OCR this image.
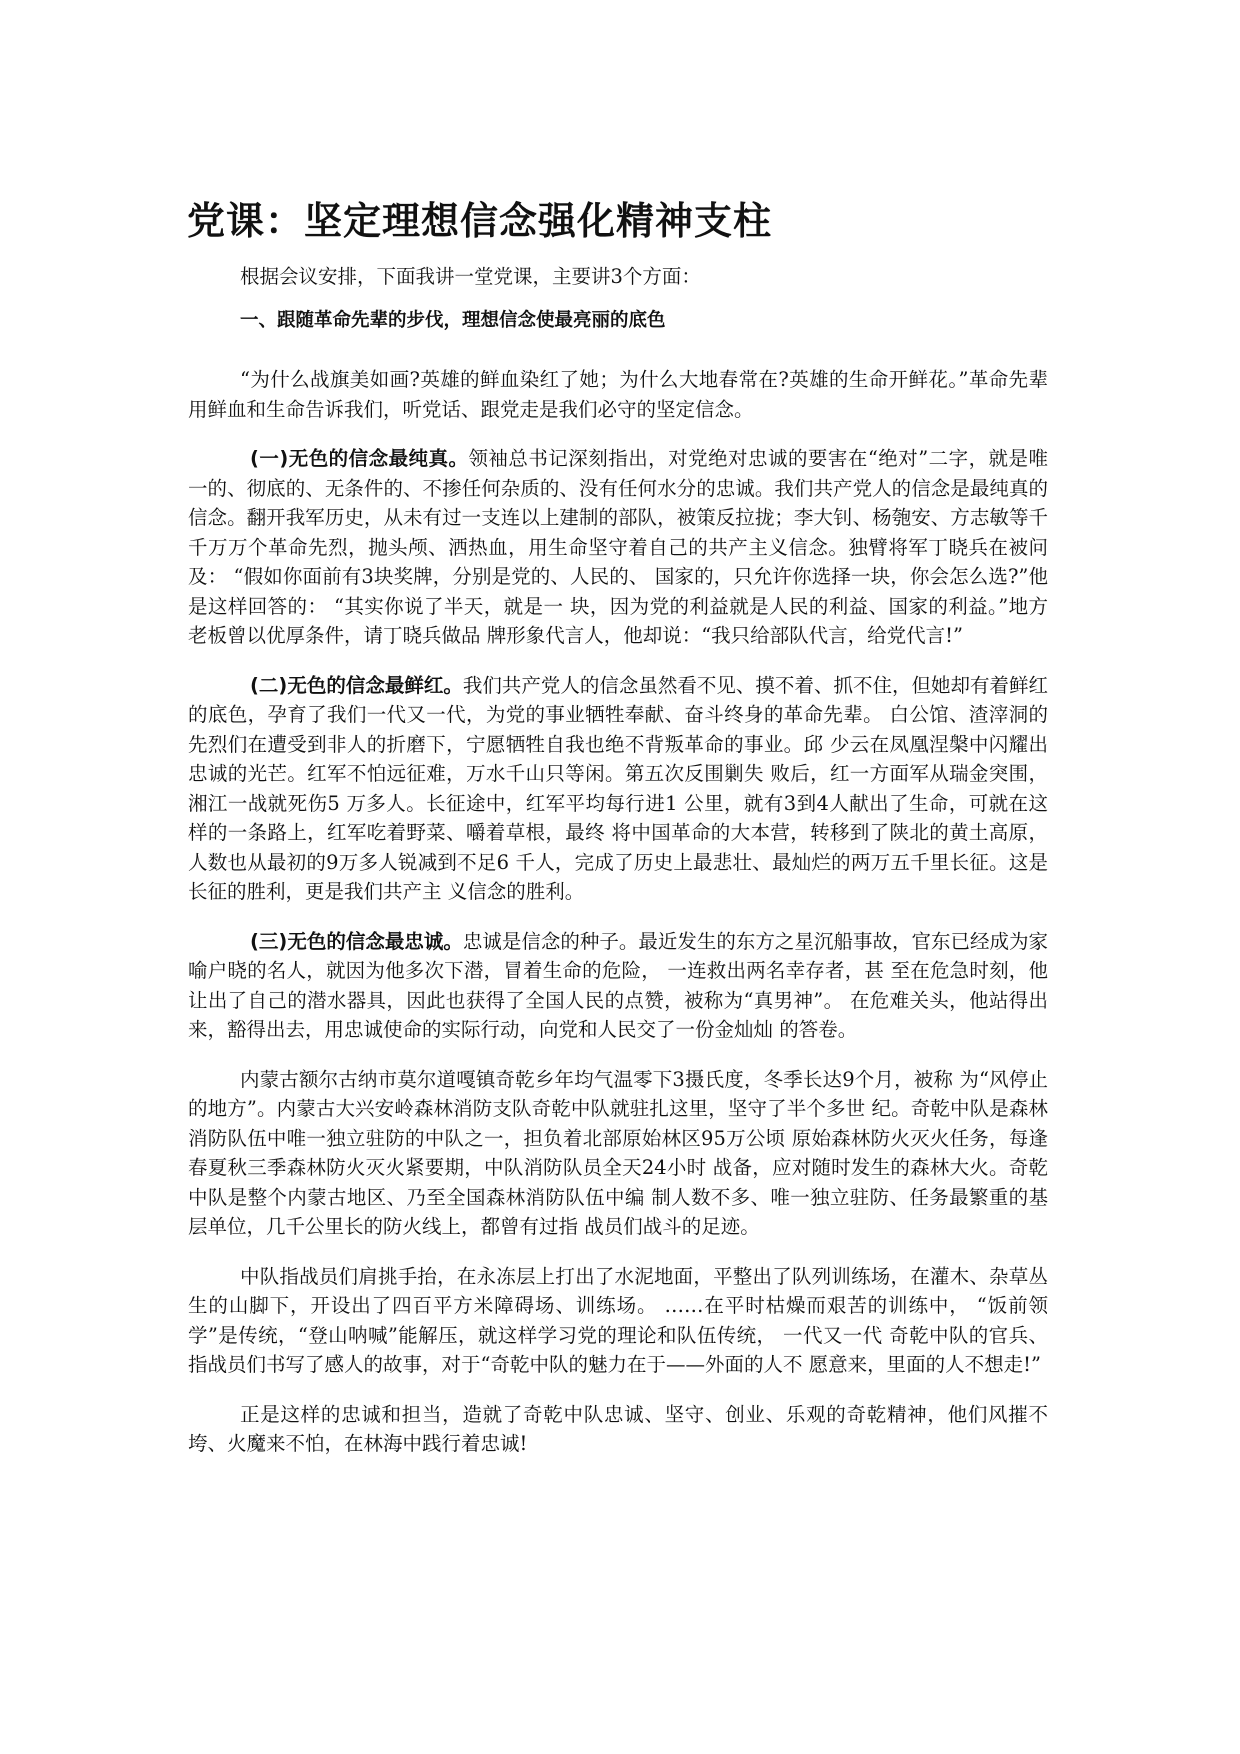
党课：坚定理想信念强化精神支柱

根据会议安排，下面我讲一堂党课，主要讲3个方面：

一、跟随革命先辈的步伐，理想信念使最亮丽的底色

“为什么战旗美如画?英雄的鲜血染红了她；为什么大地春常在?英雄的生命开鲜花。”革命先辈用鲜血和生命告诉我们，听党话、跟党走是我们必守的坚定信念。

(一)无色的信念最纯真。领袖总书记深刻指出，对党绝对忠诚的要害在“绝对”二字，就是唯一的、彻底的、无条件的、不掺任何杂质的、没有任何水分的忠诚。我们共产党人的信念是最纯真的信念。翻开我军历史，从未有过一支连以上建制的部队，被策反拉拢；李大钊、杨匏安、方志敏等千千万万个革命先烈，抛头颅、洒热血，用生命坚守着自己的共产主义信念。独臂将军丁晓兵在被问及： “假如你面前有3块奖牌，分别是党的、人民的、 国家的，只允许你选择一块，你会怎么选?”他是这样回答的： “其实你说了半天，就是一 块，因为党的利益就是人民的利益、国家的利益。”地方老板曾以优厚条件，请丁晓兵做品 牌形象代言人，他却说：“我只给部队代言，给党代言!”

(二)无色的信念最鲜红。我们共产党人的信念虽然看不见、摸不着、抓不住，但她却有着鲜红的底色，孕育了我们一代又一代，为党的事业牺牲奉献、奋斗终身的革命先辈。 白公馆、渣滓洞的先烈们在遭受到非人的折磨下，宁愿牺牲自我也绝不背叛革命的事业。邱 少云在凤凰涅槃中闪耀出忠诚的光芒。红军不怕远征难，万水千山只等闲。第五次反围剿失 败后，红一方面军从瑞金突围，湘江一战就死伤5 万多人。长征途中，红军平均每行进1 公里，就有3到4人献出了生命，可就在这样的一条路上，红军吃着野菜、嚼着草根，最终 将中国革命的大本营，转移到了陕北的黄土高原，人数也从最初的9万多人锐减到不足6 千人，完成了历史上最悲壮、最灿烂的两万五千里长征。这是长征的胜利，更是我们共产主 义信念的胜利。

(三)无色的信念最忠诚。忠诚是信念的种子。最近发生的东方之星沉船事故，官东已经成为家喻户晓的名人，就因为他多次下潜，冒着生命的危险， 一连救出两名幸存者，甚 至在危急时刻，他让出了自己的潜水器具，因此也获得了全国人民的点赞，被称为“真男神”。 在危难关头，他站得出来，豁得出去，用忠诚使命的实际行动，向党和人民交了一份金灿灿 的答卷。

内蒙古额尔古纳市莫尔道嘎镇奇乾乡年均气温零下3摄氏度，冬季长达9个月，被称 为“风停止的地方”。内蒙古大兴安岭森林消防支队奇乾中队就驻扎这里，坚守了半个多世 纪。奇乾中队是森林消防队伍中唯一独立驻防的中队之一，担负着北部原始林区95万公顷 原始森林防火灭火任务，每逢春夏秋三季森林防火灭火紧要期，中队消防队员全天24小时 战备，应对随时发生的森林大火。奇乾中队是整个内蒙古地区、乃至全国森林消防队伍中编 制人数不多、唯一独立驻防、任务最繁重的基层单位，几千公里长的防火线上，都曾有过指 战员们战斗的足迹。

中队指战员们肩挑手抬，在永冻层上打出了水泥地面，平整出了队列训练场，在灌木、杂草丛生的山脚下，开设出了四百平方米障碍场、训练场。 ……在平时枯燥而艰苦的训练中， “饭前领学”是传统，“登山呐喊”能解压，就这样学习党的理论和队伍传统， 一代又一代 奇乾中队的官兵、指战员们书写了感人的故事，对于“奇乾中队的魅力在于——外面的人不 愿意来，里面的人不想走!”

正是这样的忠诚和担当，造就了奇乾中队忠诚、坚守、创业、乐观的奇乾精神，他们风摧不垮、火魔来不怕，在林海中践行着忠诚!
